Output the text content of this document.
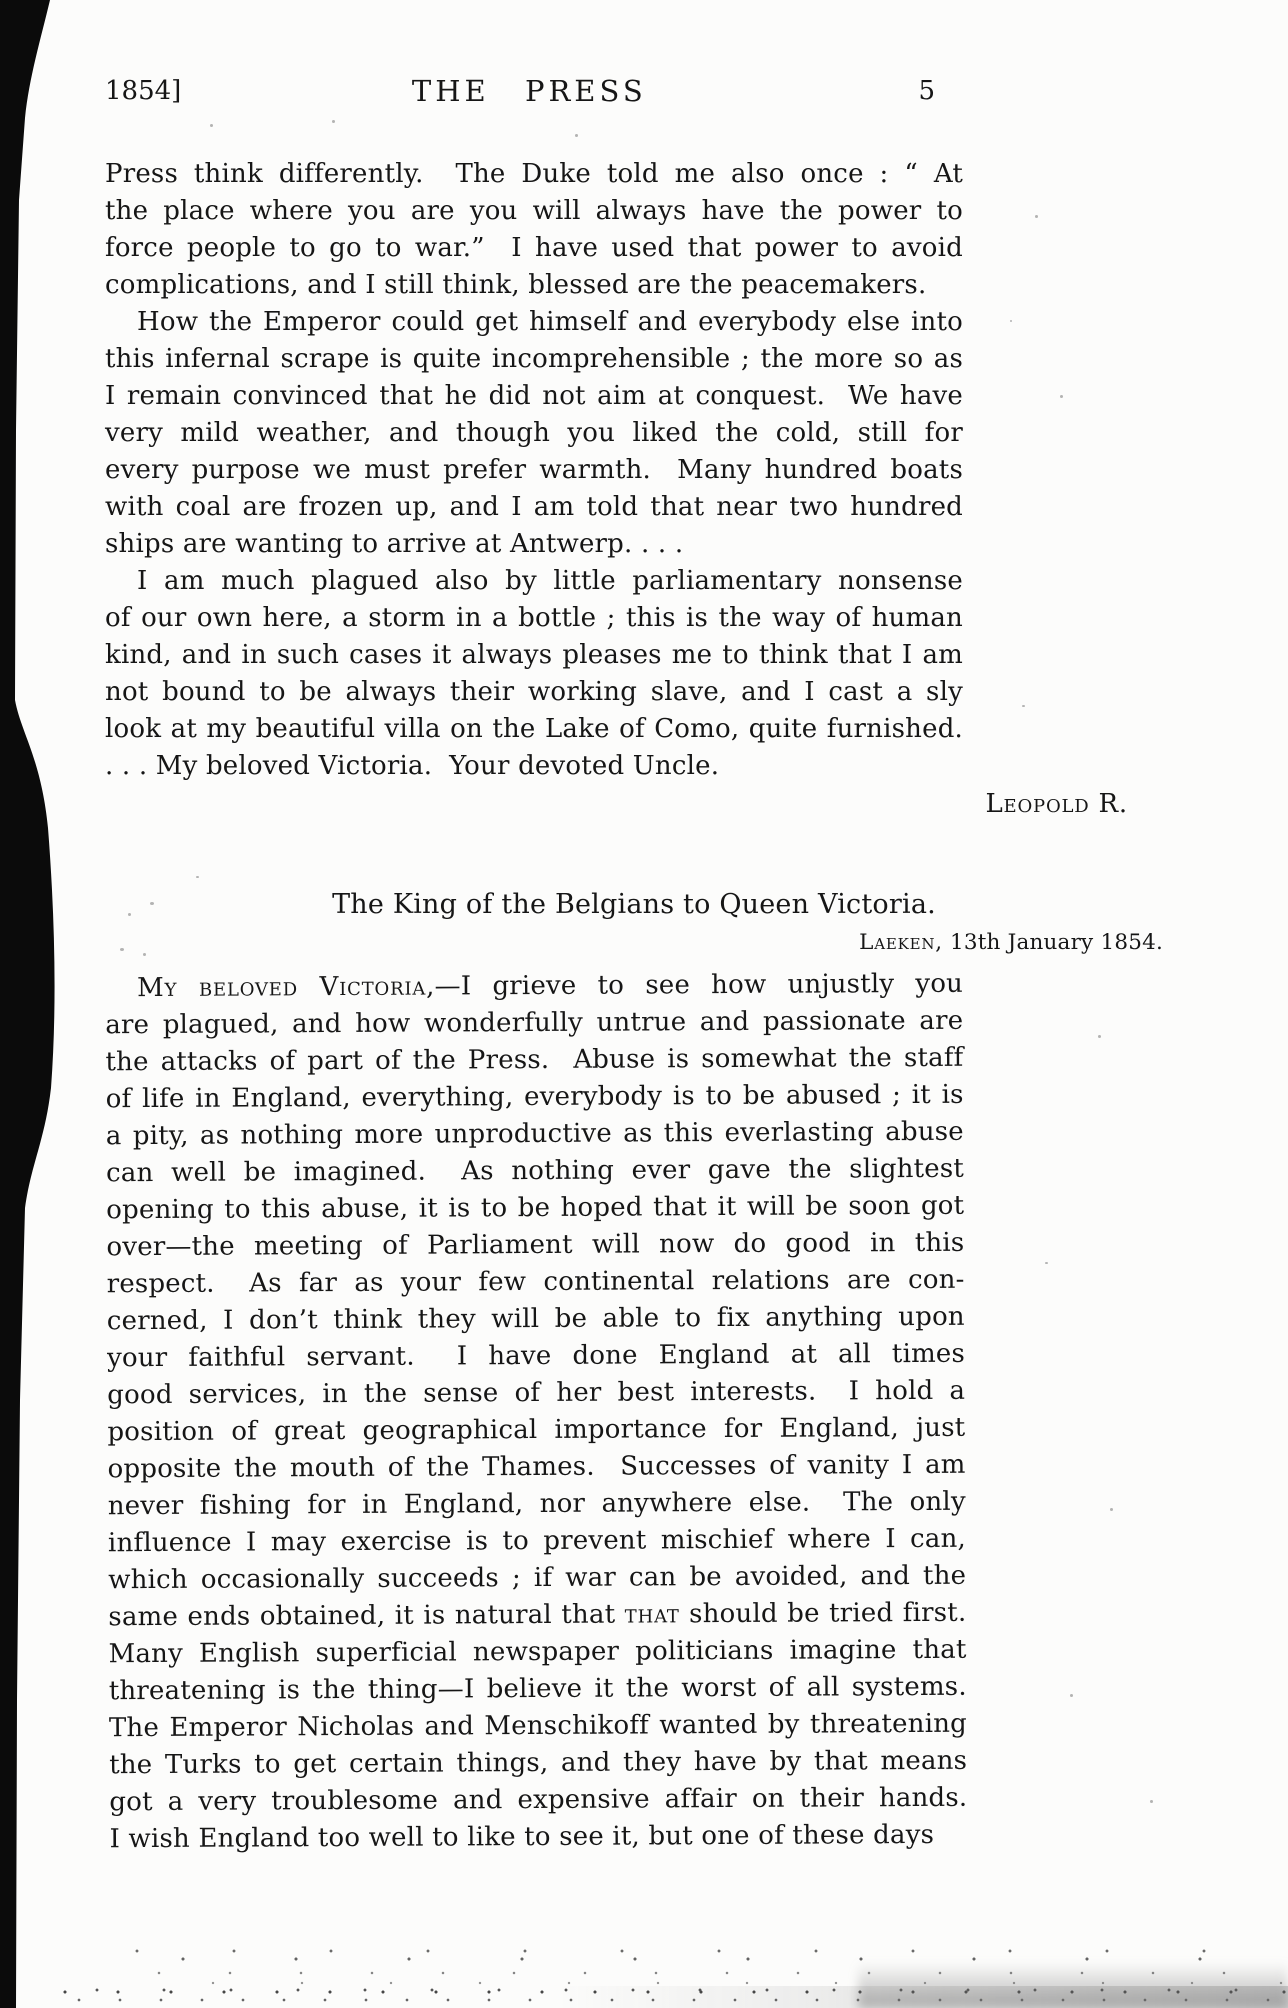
1854]	THE PRESS	5
Press think differently.  The Duke told me also once : “ At
the place where you are you will always have the power to
force people to go to war.”  I have used that power to avoid
complications, and I still think, blessed are the peacemakers.
How the Emperor could get himself and everybody else into
this infernal scrape is quite incomprehensible ; the more so as
I remain convinced that he did not aim at conquest.  We have
very mild weather, and though you liked the cold, still for
every purpose we must prefer warmth.  Many hundred boats
with coal are frozen up, and I am told that near two hundred
ships are wanting to arrive at Antwerp. . . .
I am much plagued also by little parliamentary nonsense
of our own here, a storm in a bottle ; this is the way of human
kind, and in such cases it always pleases me to think that I am
not bound to be always their working slave, and I cast a sly
look at my beautiful villa on the Lake of Como, quite furnished.
. . . My beloved Victoria.  Your devoted Uncle.
Leopold R.
The King of the Belgians to Queen Victoria.
Laeken, 13th January 1854.
My beloved Victoria,—I grieve to see how unjustly you
are plagued, and how wonderfully untrue and passionate are
the attacks of part of the Press.  Abuse is somewhat the staff
of life in England, everything, everybody is to be abused ; it is
a pity, as nothing more unproductive as this everlasting abuse
can well be imagined.  As nothing ever gave the slightest
opening to this abuse, it is to be hoped that it will be soon got
over—the meeting of Parliament will now do good in this
respect.  As far as your few continental relations are con-
cerned, I don’t think they will be able to fix anything upon
your faithful servant.  I have done England at all times
good services, in the sense of her best interests.  I hold a
position of great geographical importance for England, just
opposite the mouth of the Thames.  Successes of vanity I am
never fishing for in England, nor anywhere else.  The only
influence I may exercise is to prevent mischief where I can,
which occasionally succeeds ; if war can be avoided, and the
same ends obtained, it is natural that that should be tried first.
Many English superficial newspaper politicians imagine that
threatening is the thing—I believe it the worst of all systems.
The Emperor Nicholas and Menschikoff wanted by threatening
the Turks to get certain things, and they have by that means
got a very troublesome and expensive affair on their hands.
I wish England too well to like to see it, but one of these days
